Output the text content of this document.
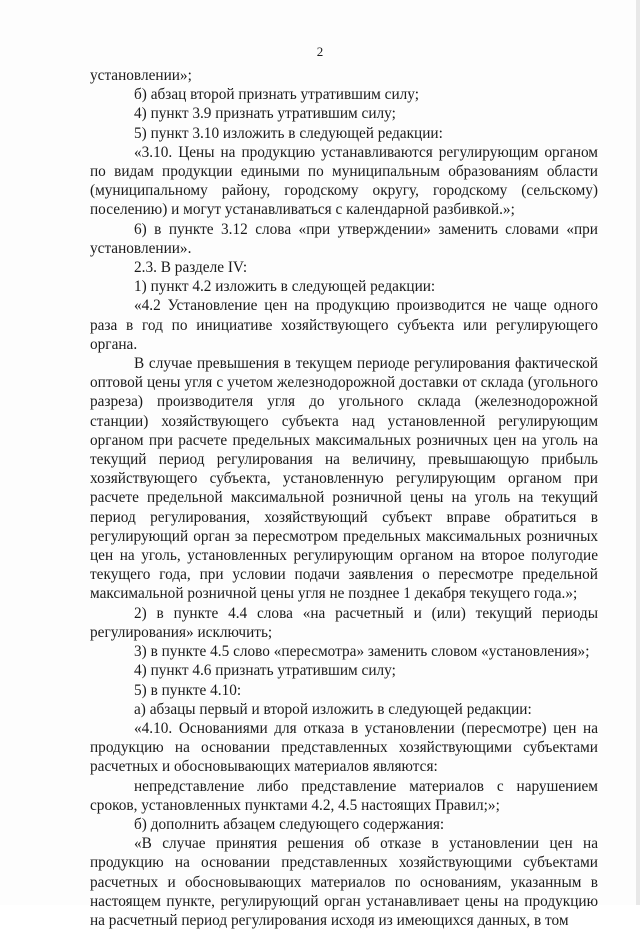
2

установлении»;

б) абзац второй признать утратившим силу;

4) пункт 3.9 признать утратившим силу;

5) пункт 3.10 изложить в следующей редакции:

«3.10. Цены на продукцию устанавливаются регулирующим органом по видам продукции едиными по муниципальным образованиям области (муниципальному району, городскому округу, городскому (сельскому) поселению) и могут устанавливаться с календарной разбивкой.»;

6) в пункте 3.12 слова «при утверждении» заменить словами «при установлении».

2.3. В разделе IV:

1) пункт 4.2 изложить в следующей редакции:

«4.2 Установление цен на продукцию производится не чаще одного раза в год по инициативе хозяйствующего субъекта или регулирующего органа.

В случае превышения в текущем периоде регулирования фактической оптовой цены угля с учетом железнодорожной доставки от склада (угольного разреза) производителя угля до угольного склада (железнодорожной станции) хозяйствующего субъекта над установленной регулирующим органом при расчете предельных максимальных розничных цен на уголь на текущий период регулирования на величину, превышающую прибыль хозяйствующего субъекта, установленную регулирующим органом при расчете предельной максимальной розничной цены на уголь на текущий период регулирования, хозяйствующий субъект вправе обратиться в регулирующий орган за пересмотром предельных максимальных розничных цен на уголь, установленных регулирующим органом на второе полугодие текущего года, при условии подачи заявления о пересмотре предельной максимальной розничной цены угля не позднее 1 декабря текущего года.»;

2) в пункте 4.4 слова «на расчетный и (или) текущий периоды регулирования» исключить;

3) в пункте 4.5 слово «пересмотра» заменить словом «установления»;

4) пункт 4.6 признать утратившим силу;

5) в пункте 4.10:

а) абзацы первый и второй изложить в следующей редакции:

«4.10. Основаниями для отказа в установлении (пересмотре) цен на продукцию на основании представленных хозяйствующими субъектами расчетных и обосновывающих материалов являются:

непредставление либо представление материалов с нарушением сроков, установленных пунктами 4.2, 4.5 настоящих Правил;»;

б) дополнить абзацем следующего содержания:

«В случае принятия решения об отказе в установлении цен на продукцию на основании представленных хозяйствующими субъектами расчетных и обосновывающих материалов по основаниям, указанным в настоящем пункте, регулирующий орган устанавливает цены на продукцию на расчетный период регулирования исходя из имеющихся данных, в том
